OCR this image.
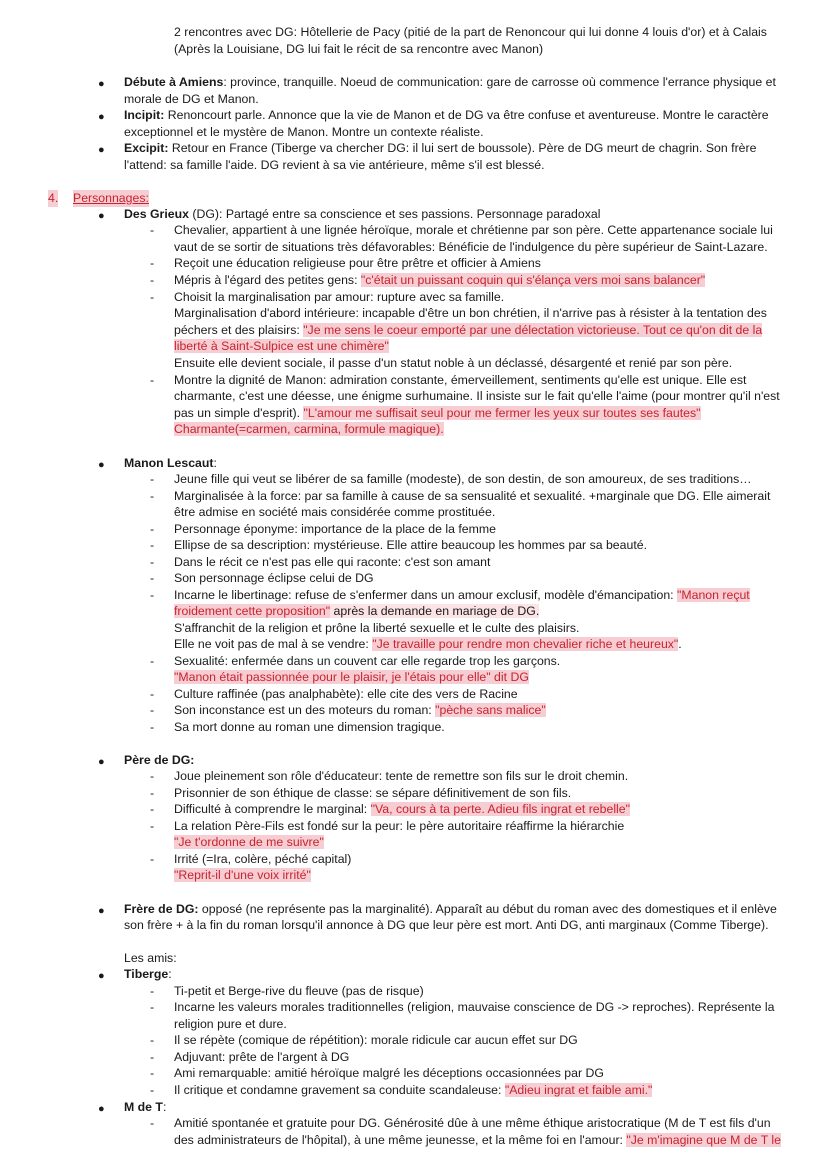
2 rencontres avec DG: Hôtellerie de Pacy (pitié de la part de Renoncour qui lui donne 4 louis d'or) et à Calais
(Après la Louisiane, DG lui fait le récit de sa rencontre avec Manon)
● Débute à Amiens: province, tranquille. Noeud de communication: gare de carrosse où commence l'errance physique et
morale de DG et Manon.
● Incipit: Renoncourt parle. Annonce que la vie de Manon et de DG va être confuse et aventureuse. Montre le caractère
exceptionnel et le mystère de Manon. Montre un contexte réaliste.
● Excipit: Retour en France (Tiberge va chercher DG: il lui sert de boussole). Père de DG meurt de chagrin. Son frère
l'attend: sa famille l'aide. DG revient à sa vie antérieure, même s'il est blessé.
4. Personnages:
● Des Grieux (DG): Partagé entre sa conscience et ses passions. Personnage paradoxal
- Chevalier, appartient à une lignée héroïque, morale et chrétienne par son père. Cette appartenance sociale lui
vaut de se sortir de situations très défavorables: Bénéficie de l'indulgence du père supérieur de Saint-Lazare.
- Reçoit une éducation religieuse pour être prêtre et officier à Amiens
- Mépris à l'égard des petites gens: "c'était un puissant coquin qui s'élança vers moi sans balancer"
- Choisit la marginalisation par amour: rupture avec sa famille.
Marginalisation d'abord intérieure: incapable d'être un bon chrétien, il n'arrive pas à résister à la tentation des
péchers et des plaisirs: "Je me sens le coeur emporté par une délectation victorieuse. Tout ce qu'on dit de la
liberté à Saint-Sulpice est une chimère"
Ensuite elle devient sociale, il passe d'un statut noble à un déclassé, désargenté et renié par son père.
- Montre la dignité de Manon: admiration constante, émerveillement, sentiments qu'elle est unique. Elle est
charmante, c'est une déesse, une énigme surhumaine. Il insiste sur le fait qu'elle l'aime (pour montrer qu'il n'est
pas un simple d'esprit). "L'amour me suffisait seul pour me fermer les yeux sur toutes ses fautes"
Charmante(=carmen, carmina, formule magique).
● Manon Lescaut:
- Jeune fille qui veut se libérer de sa famille (modeste), de son destin, de son amoureux, de ses traditions…
- Marginalisée à la force: par sa famille à cause de sa sensualité et sexualité. +marginale que DG. Elle aimerait
être admise en société mais considérée comme prostituée.
- Personnage éponyme: importance de la place de la femme
- Ellipse de sa description: mystérieuse. Elle attire beaucoup les hommes par sa beauté.
- Dans le récit ce n'est pas elle qui raconte: c'est son amant
- Son personnage éclipse celui de DG
- Incarne le libertinage: refuse de s'enfermer dans un amour exclusif, modèle d'émancipation: "Manon reçut
froidement cette proposition" après la demande en mariage de DG.
S'affranchit de la religion et prône la liberté sexuelle et le culte des plaisirs.
Elle ne voit pas de mal à se vendre: "Je travaille pour rendre mon chevalier riche et heureux".
- Sexualité: enfermée dans un couvent car elle regarde trop les garçons.
"Manon était passionnée pour le plaisir, je l'étais pour elle" dit DG
- Culture raffinée (pas analphabète): elle cite des vers de Racine
- Son inconstance est un des moteurs du roman: "pèche sans malice"
- Sa mort donne au roman une dimension tragique.
● Père de DG:
- Joue pleinement son rôle d'éducateur: tente de remettre son fils sur le droit chemin.
- Prisonnier de son éthique de classe: se sépare définitivement de son fils.
- Difficulté à comprendre le marginal: "Va, cours à ta perte. Adieu fils ingrat et rebelle"
- La relation Père-Fils est fondé sur la peur: le père autoritaire réaffirme la hiérarchie
"Je t'ordonne de me suivre"
- Irrité (=Ira, colère, péché capital)
"Reprit-il d'une voix irrité"
● Frère de DG: opposé (ne représente pas la marginalité). Apparaît au début du roman avec des domestiques et il enlève
son frère + à la fin du roman lorsqu'il annonce à DG que leur père est mort. Anti DG, anti marginaux (Comme Tiberge).
Les amis:
● Tiberge:
- Ti-petit et Berge-rive du fleuve (pas de risque)
- Incarne les valeurs morales traditionnelles (religion, mauvaise conscience de DG -> reproches). Représente la
religion pure et dure.
- Il se répète (comique de répétition): morale ridicule car aucun effet sur DG
- Adjuvant: prête de l'argent à DG
- Ami remarquable: amitié héroïque malgré les déceptions occasionnées par DG
- Il critique et condamne gravement sa conduite scandaleuse: "Adieu ingrat et faible ami."
● M de T:
- Amitié spontanée et gratuite pour DG. Générosité dûe à une même éthique aristocratique (M de T est fils d'un
des administrateurs de l'hôpital), à une même jeunesse, et la même foi en l'amour: "Je m'imagine que M de T le
